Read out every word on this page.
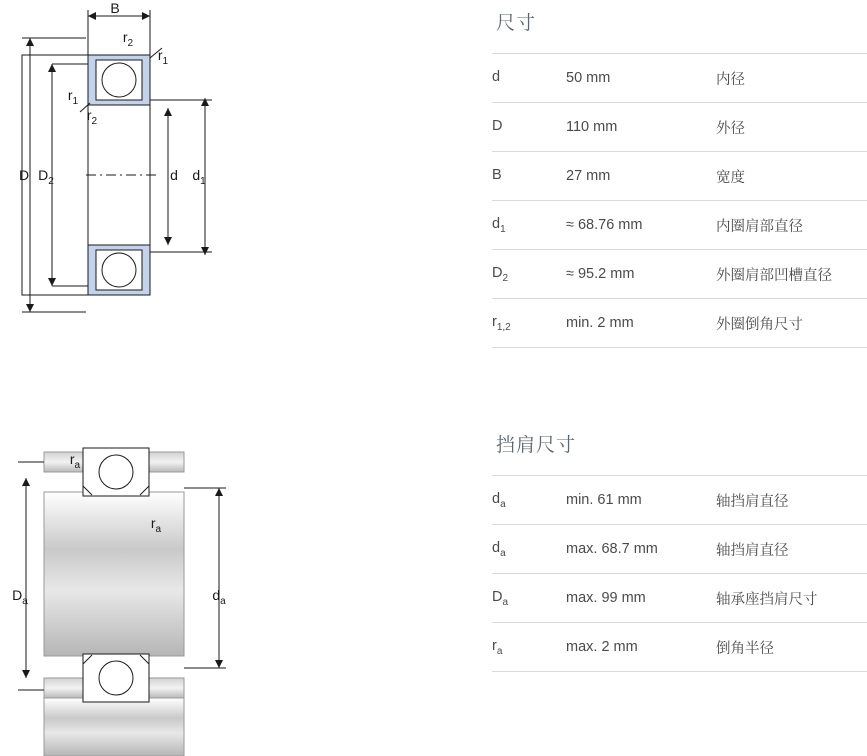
B
D $D_2$	d $d_1$
$r_2$
$r_1$
$r_1$
$r_2$
$D_a$	$d_a$
$r_a$
$r_a$
尺寸
d	50 mm	内径
D	110 mm	外径
B	27 mm	宽度
$d_1$	≈ 68.76 mm	内圈肩部直径
$D_2$	≈ 95.2 mm	外圈肩部凹槽直径
$r_{1,2}$	min. 2 mm	外圈倒角尺寸
挡肩尺寸
$d_a$	min. 61 mm	轴挡肩直径
$d_a$	max. 68.7 mm	轴挡肩直径
$D_a$	max. 99 mm	轴承座挡肩尺寸
$r_a$	max. 2 mm	倒角半径
